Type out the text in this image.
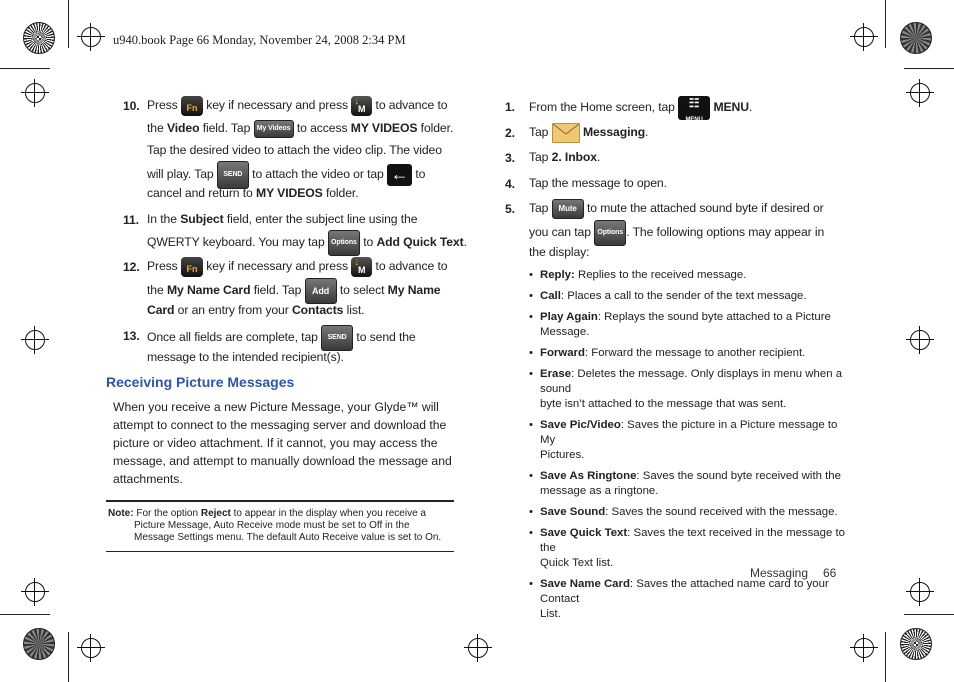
u940.book Page 66 Monday, November 24, 2008 2:34 PM
10. Press Fn key if necessary and press ↓
M to advance to
the Video field. Tap My Videos to access MY VIDEOS folder.
Tap the desired video to attach the video clip. The video
will play. Tap SEND to attach the video or tap ← to
cancel and return to MY VIDEOS folder.
11. In the Subject field, enter the subject line using the
QWERTY keyboard. You may tap Options to Add Quick Text.
12. Press Fn key if necessary and press ↓
M to advance to
the My Name Card field. Tap Add to select My Name
Card or an entry from your Contacts list.
13. Once all fields are complete, tap SEND to send the
message to the intended recipient(s).
Receiving Picture Messages
When you receive a new Picture Message, your Glyde™ will
attempt to connect to the messaging server and download the
picture or video attachment. If it cannot, you may access the
message, and attempt to manually download the message and
attachments.
Note: For the option Reject to appear in the display when you receive a
Picture Message, Auto Receive mode must be set to Off in the
Message Settings menu. The default Auto Receive value is set to On.
1. From the Home screen, tap	☷
MENU
MENU.
2. Tap	Messaging.
3. Tap 2. Inbox.
4. Tap the message to open.
5. Tap Mute to mute the attached sound byte if desired or
you can tap Options . The following options may appear in
the display:
• Reply: Replies to the received message.
• Call: Places a call to the sender of the text message.
• Play Again: Replays the sound byte attached to a Picture Message.
• Forward: Forward the message to another recipient.
• Erase: Deletes the message. Only displays in menu when a sound
byte isn’t attached to the message that was sent.
• Save Pic/Video: Saves the picture in a Picture message to My
Pictures.
• Save As Ringtone: Saves the sound byte received with the
message as a ringtone.
• Save Sound: Saves the sound received with the message.
• Save Quick Text: Saves the text received in the message to the
Quick Text list.
• Save Name Card: Saves the attached name card to your Contact
List.
Messaging 66
